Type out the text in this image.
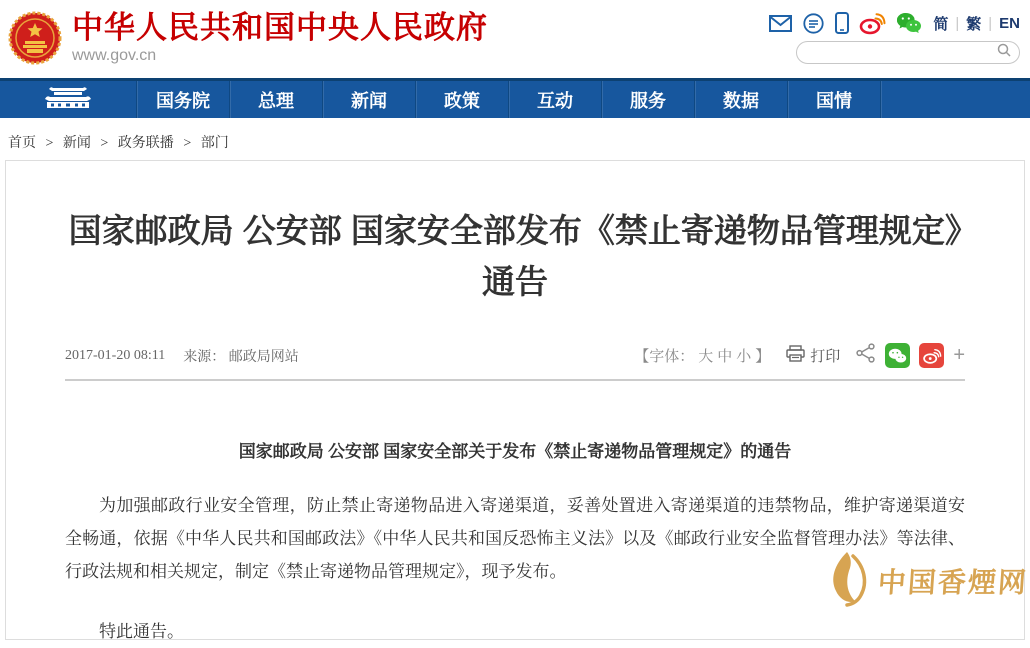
中华人民共和国中央人民政府
www.gov.cn
简 | 繁 | EN
国务院	总理	新闻	政策	互动	服务	数据	国情
首页 > 新闻 > 政务联播 > 部门
国家邮政局 公安部 国家安全部发布《禁止寄递物品管理规定》通告
2017-01-20 08:11 来源： 邮政局网站	【字体： 大 中 小 】	打印	+
国家邮政局 公安部 国家安全部关于发布《禁止寄递物品管理规定》的通告

为加强邮政行业安全管理，防止禁止寄递物品进入寄递渠道，妥善处置进入寄递渠道的违禁物品，维护寄递渠道安全畅通，依据《中华人民共和国邮政法》《中华人民共和国反恐怖主义法》以及《邮政行业安全监督管理办法》等法律、行政法规和相关规定，制定《禁止寄递物品管理规定》，现予发布。

特此通告。

中国香煙网
